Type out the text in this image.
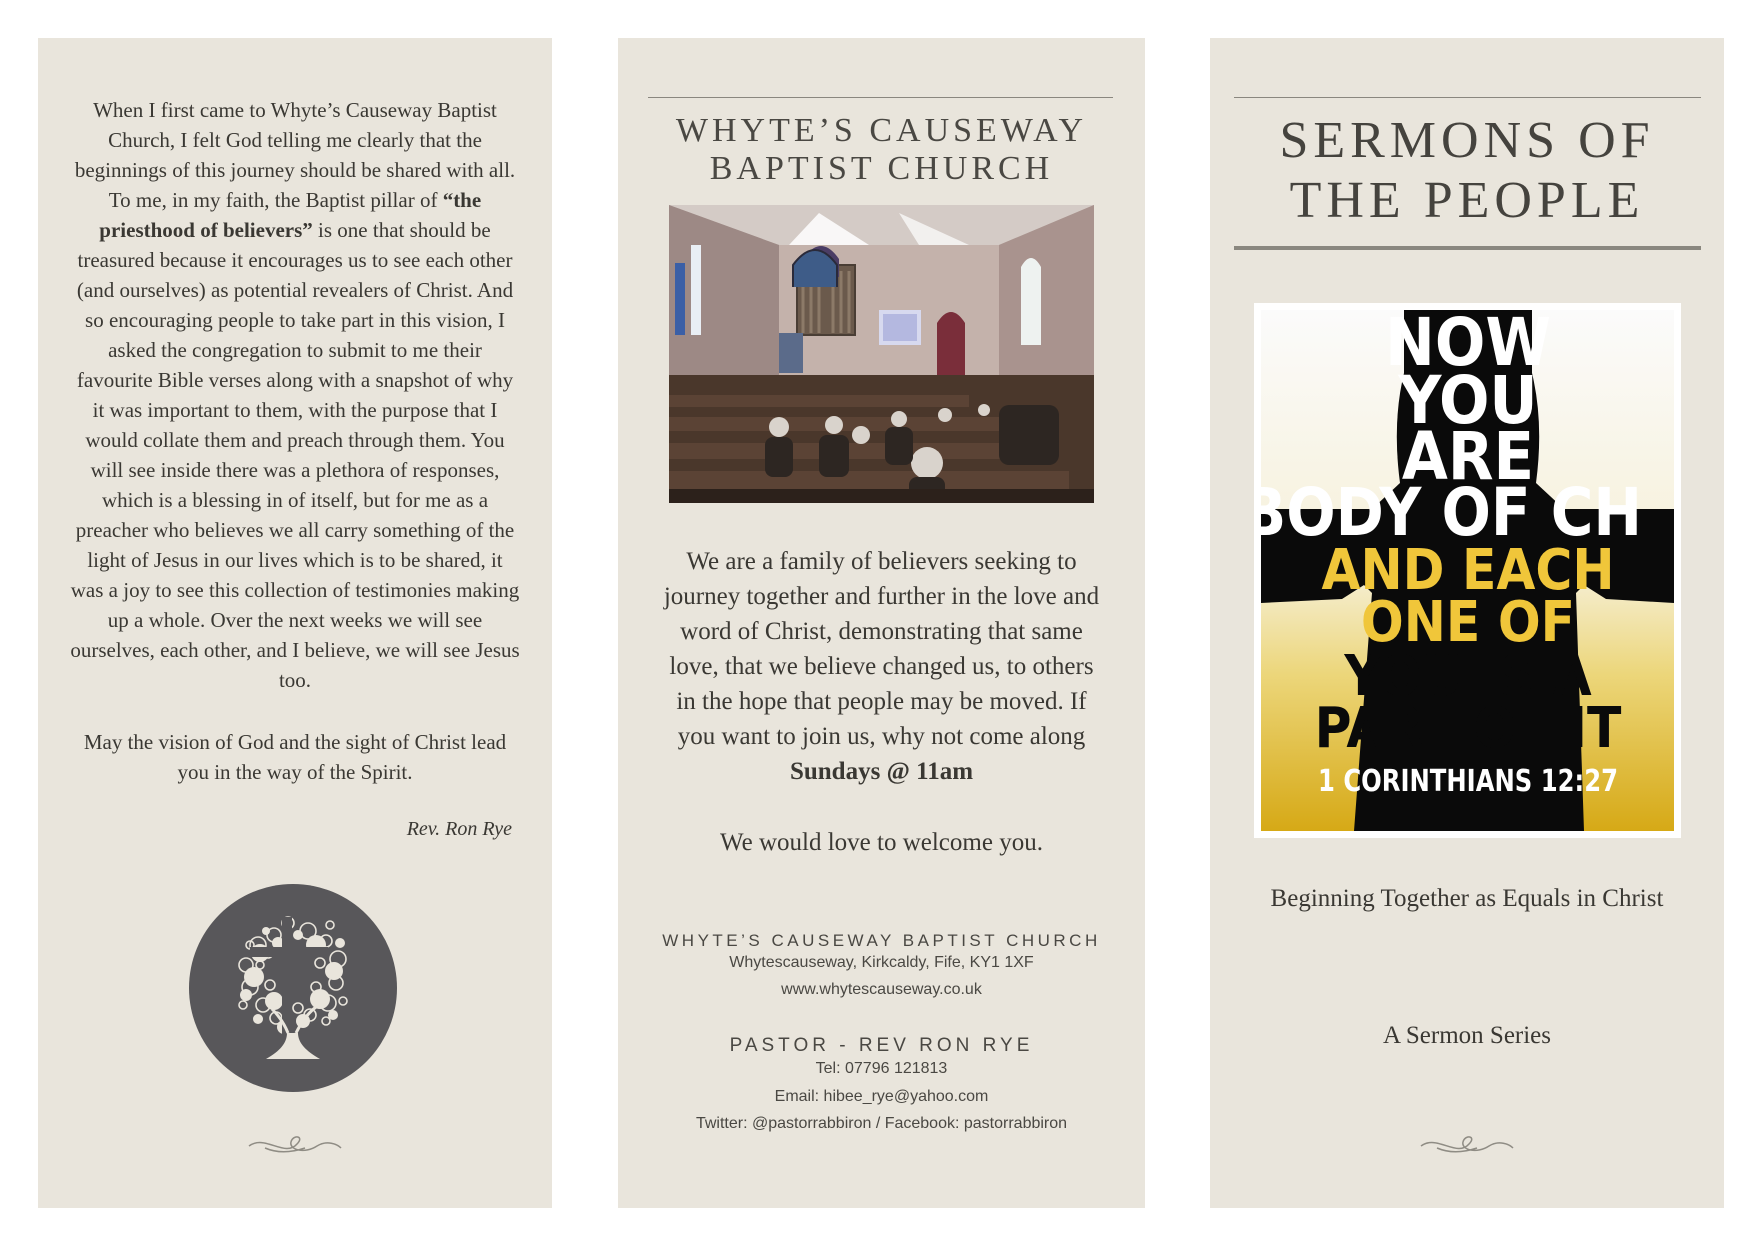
When I first came to Whyte’s Causeway Baptist Church, I felt God telling me clearly that the beginnings of this journey should be shared with all. To me, in my faith, the Baptist pillar of “the priesthood of believers” is one that should be treasured because it encourages us to see each other (and ourselves) as potential revealers of Christ. And so encouraging people to take part in this vision, I asked the congregation to submit to me their favourite Bible verses along with a snapshot of why it was important to them, with the purpose that I would collate them and preach through them. You will see inside there was a plethora of responses, which is a blessing in of itself, but for me as a preacher who believes we all carry something of the light of Jesus in our lives which is to be shared, it was a joy to see this collection of testimonies making up a whole. Over the next weeks we will see ourselves, each other, and I believe, we will see Jesus too.

May the vision of God and the sight of Christ lead you in the way of the Spirit.

Rev. Ron Rye

WHYTE’S CAUSEWAY
BAPTIST CHURCH

We are a family of believers seeking to journey together and further in the love and word of Christ, demonstrating that same love, that we believe changed us, to others in the hope that people may be moved. If you want to join us, why not come along Sundays @ 11am

We would love to welcome you.

WHYTE’S CAUSEWAY BAPTIST CHURCH

Whytescauseway, Kirkcaldy, Fife, KY1 1XF

www.whytescauseway.co.uk

PASTOR - REV RON RYE

Tel: 07796 121813

Email: hibee_rye@yahoo.com

Twitter: @pastorrabbiron / Facebook: pastorrabbiron

SERMONS OF
THE PEOPLE
NOW
YOU
ARE
BODY OF CH
AND EACH
ONE OF
YOU IS A
PART OF IT
1 CORINTHIANS 12:27

Beginning Together as Equals in Christ

A Sermon Series
